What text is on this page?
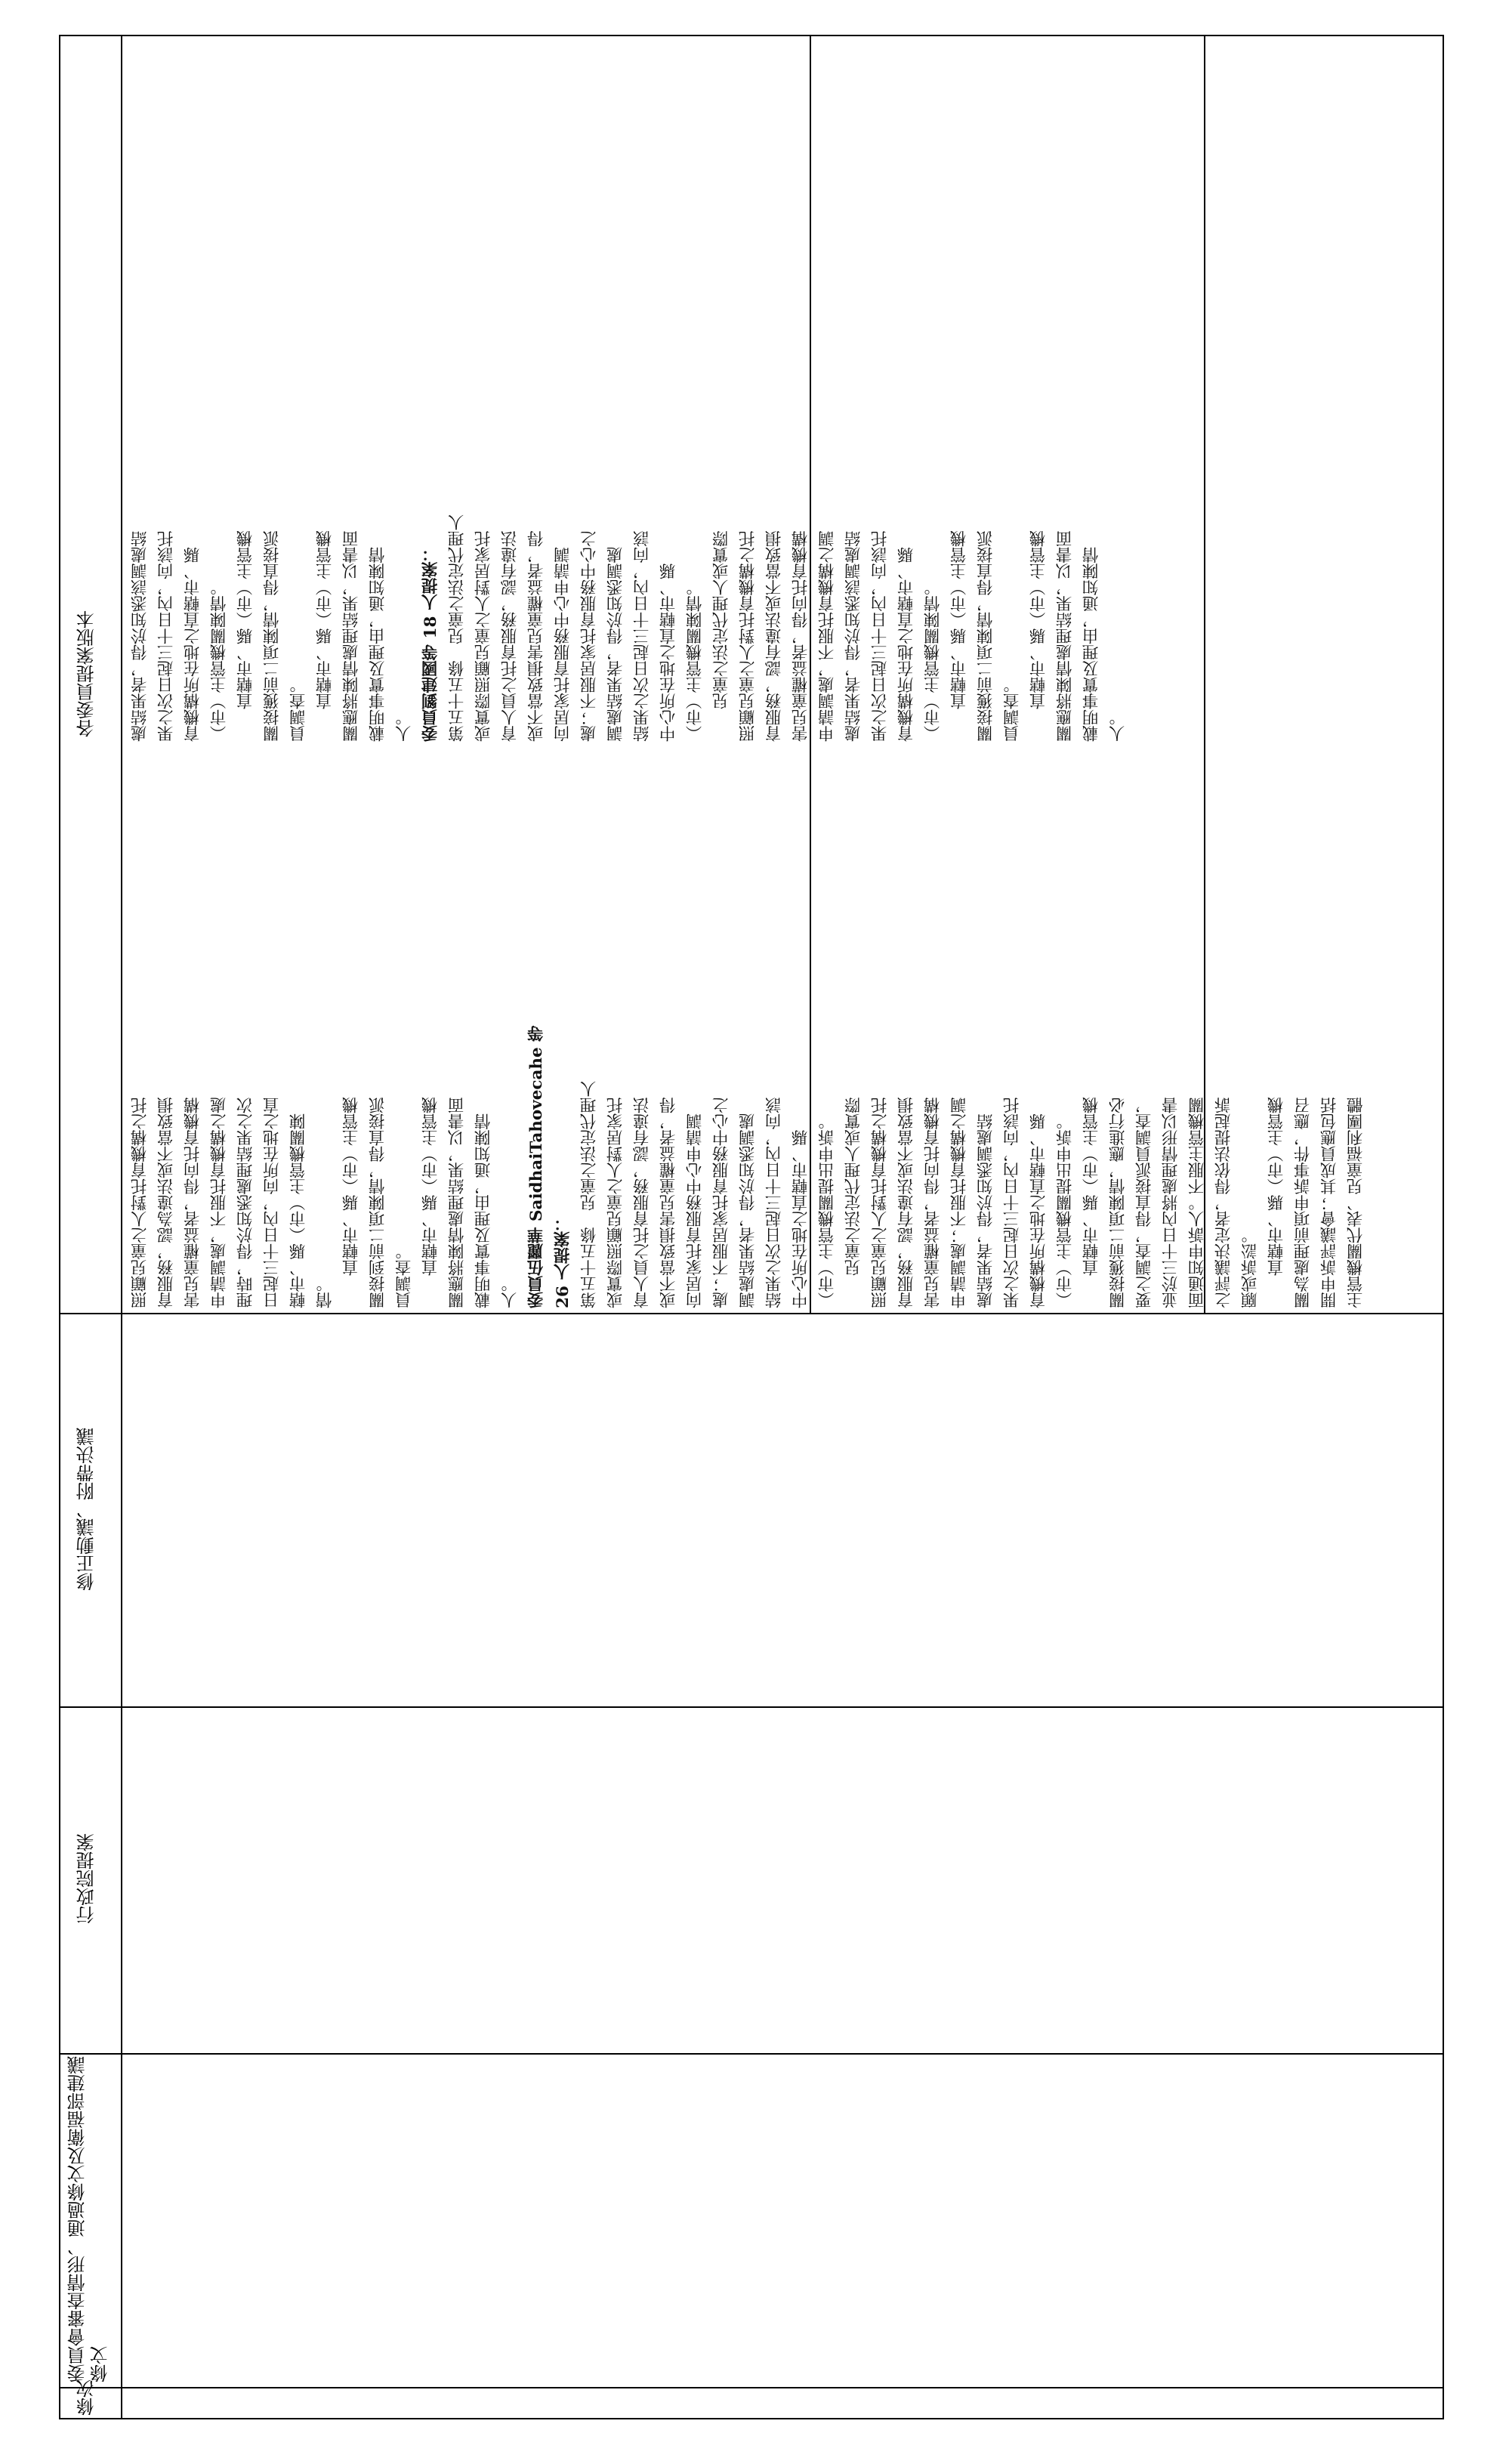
條次
委員會審查情形、通過條文及衛福部建議條文
行政院提案
修正動議、附帶決議
各委員提案版本

照顧兒童之人對托育機構之托 育服務，認為違法或不當致損 害兒童權益者，得向托育機構 申請調處，不服托育機構之處 理時，得於知悉處理結果之次 日起三十日內，向所在地之直 轄市、縣（市）主管機關陳 情。

直轄市、縣（市）主管機 關接到前二項陳情，得直接派 員調查。 直轄市、縣（市）主管機 關應將陳情處理結果，以書面 載明事實及理由，通知陳情 人。 委員伍麗華 SaidhaiTahovecahe 等 26 人提案： 第五十五條　兒童之法定代理人 或實際照顧兒童之人對居家托 育人員之托育服務，認有違法 或不當致損害兒童權益者，得 向居家托育服務中心申請調 處；不服居家托育服務中心之 調處結果者，得於知悉調處 結果之次日起三十日內，向該 中心所在地之直轄市、縣 （市）主管機關提出申訴。 兒童之法定代理人或實際 照顧兒童之人對托育機構之托 育服務，認有違法或不當致損 害兒童權益者，得向托育機構 申請調處；不服托育機構之調 處結果者，得於知悉調處結 果之次日起三十日內，向該托 育機構所在地之直轄市、縣 （市）主管機關提出申訴。 直轄市、縣（市）主管機 關接獲前二項陳情，應進行必 要之調查，得直接派員調查， 並於三十日內將處理情形以書 面通知申訴人。不服主管機關 之評議決定者，得依法提起訴 願或訴訟。 直轄市、縣（市）主管機 關為處理前項申訴事件，應召 開申訴評議會；其成員應包括 主管機關代表、兒童福利團體

處結果者，得於知悉該調處結 果之次日起三十日內，向該托 育機構所在地之直轄市、縣 （市）主管機關陳情。 直轄市、縣（市）主管機 關接獲前二項陳情，得直接派 員調查。 直轄市、縣（市）主管機 關應將陳情處理結果，以書面 載明事實及理由，通知陳情 人。 委員劉建國等 18 人提案： 第五十五條　兒童之法定代理人 或實際照顧兒童之人對居家托 育人員之托育服務，認有違法 或不當致損害兒童權益者，得 向居家托育服務中心申請調 處；不服居家托育服務中心之 調處結果者，得於知悉調處 結果之次日起三十日內，向該 中心所在地之直轄市、縣 （市）主管機關陳情。 兒童之法定代理人或實際 照顧兒童之人對托育機構之托 育服務，認有違法或不當致損 害兒童權益者，得向托育機構 申請調處，不服托育機構之調 處結果者，得於知悉該調處結 果之次日起三十日內，向該托 育機構所在地之直轄市、縣 （市）主管機關陳情。 直轄市、縣（市）主管機 關接獲前二項陳情，得直接派 員調查。 直轄市、縣（市）主管機 關應將陳情處理結果，以書面 載明事實及理由，通知陳情 人。
